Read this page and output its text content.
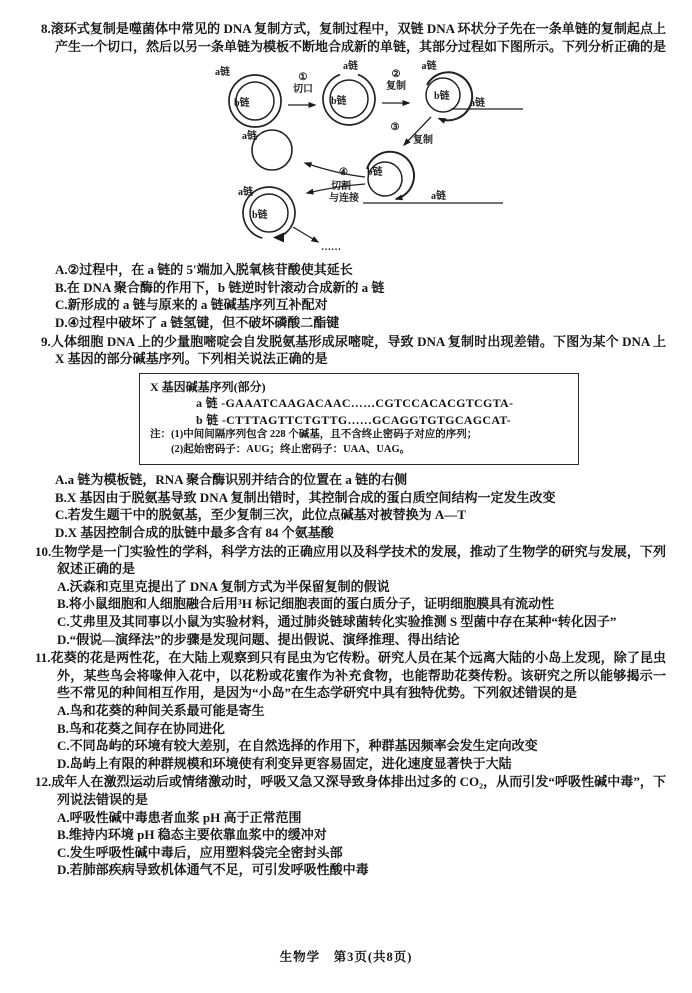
8.滚环式复制是噬菌体中常见的 DNA 复制方式，复制过程中，双链 DNA 环状分子先在一条单链的复制起点上产生一个切口，然后以另一条单链为模板不断地合成新的单链，其部分过程如下图所示。下列分析正确的是
a链
b链
①
切口
a链
b链
②
复制
a链
b链
a链
③
复制
b链
a链
④
切割
与连接
a链
a链
b链
……
A.②过程中，在 a 链的 5′端加入脱氧核苷酸使其延长
B.在 DNA 聚合酶的作用下，b 链逆时针滚动合成新的 a 链
C.新形成的 a 链与原来的 a 链碱基序列互补配对
D.④过程中破坏了 a 链氢键，但不破坏磷酸二酯键
9.人体细胞 DNA 上的少量胞嘧啶会自发脱氨基形成尿嘧啶，导致 DNA 复制时出现差错。下图为某个 DNA 上 X 基因的部分碱基序列。下列相关说法正确的是
X 基因碱基序列(部分)
a 链 -GAAATCAAGACAAC……CGTCCACACGTCGTA-
b 链 -CTTTAGTTCTGTTG……GCAGGTGTGCAGCAT-
注：(1)中间间隔序列包含 228 个碱基，且不含终止密码子对应的序列；
(2)起始密码子：AUG；终止密码子：UAA、UAG。
A.a 链为模板链，RNA 聚合酶识别并结合的位置在 a 链的右侧
B.X 基因由于脱氨基导致 DNA 复制出错时，其控制合成的蛋白质空间结构一定发生改变
C.若发生题干中的脱氨基，至少复制三次，此位点碱基对被替换为 A—T
D.X 基因控制合成的肽链中最多含有 84 个氨基酸
10.生物学是一门实验性的学科，科学方法的正确应用以及科学技术的发展，推动了生物学的研究与发展，下列叙述正确的是
A.沃森和克里克提出了 DNA 复制方式为半保留复制的假说
B.将小鼠细胞和人细胞融合后用³H 标记细胞表面的蛋白质分子，证明细胞膜具有流动性
C.艾弗里及其同事以小鼠为实验材料，通过肺炎链球菌转化实验推测 S 型菌中存在某种“转化因子”
D.“假说—演绎法”的步骤是发现问题、提出假说、演绎推理、得出结论
11.花葵的花是两性花，在大陆上观察到只有昆虫为它传粉。研究人员在某个远离大陆的小岛上发现，除了昆虫外，某些鸟会将喙伸入花中，以花粉或花蜜作为补充食物，也能帮助花葵传粉。该研究之所以能够揭示一些不常见的种间相互作用，是因为“小岛”在生态学研究中具有独特优势。下列叙述错误的是
A.鸟和花葵的种间关系最可能是寄生
B.鸟和花葵之间存在协同进化
C.不同岛屿的环境有较大差别，在自然选择的作用下，种群基因频率会发生定向改变
D.岛屿上有限的种群规模和环境使有利变异更容易固定，进化速度显著快于大陆
12.成年人在激烈运动后或情绪激动时，呼吸又急又深导致身体排出过多的 CO₂，从而引发“呼吸性碱中毒”，下列说法错误的是
A.呼吸性碱中毒患者血浆 pH 高于正常范围
B.维持内环境 pH 稳态主要依靠血浆中的缓冲对
C.发生呼吸性碱中毒后，应用塑料袋完全密封头部
D.若肺部疾病导致机体通气不足，可引发呼吸性酸中毒
生物学　第3页(共8页)
